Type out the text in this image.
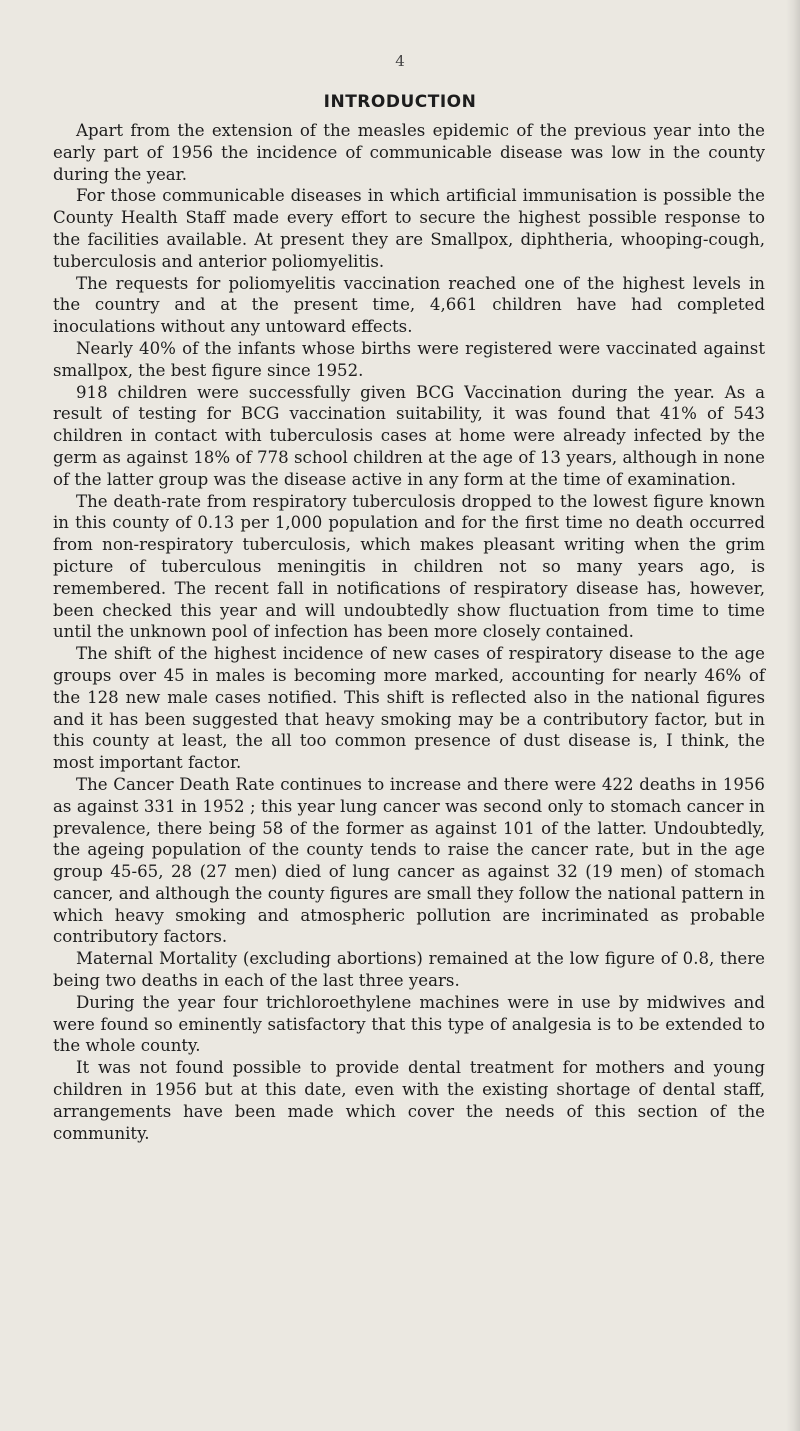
4
INTRODUCTION

Apart from the extension of the measles epidemic of the previous year into the early part of 1956 the incidence of communicable disease was low in the county during the year.

For those communicable diseases in which artificial immunisation is possible the County Health Staff made every effort to secure the highest possible response to the facilities available. At present they are Smallpox, diphtheria, whooping-cough, tuberculosis and anterior poliomyelitis.

The requests for poliomyelitis vaccination reached one of the highest levels in the country and at the present time, 4,661 children have had completed inoculations without any untoward effects.

Nearly 40% of the infants whose births were registered were vaccinated against smallpox, the best figure since 1952.

918 children were successfully given BCG Vaccination during the year. As a result of testing for BCG vaccination suitability, it was found that 41% of 543 children in contact with tuberculosis cases at home were already infected by the germ as against 18% of 778 school children at the age of 13 years, although in none of the latter group was the disease active in any form at the time of examination.

The death-rate from respiratory tuberculosis dropped to the lowest figure known in this county of 0.13 per 1,000 population and for the first time no death occurred from non-respiratory tuberculosis, which makes pleasant writing when the grim picture of tuberculous meningitis in children not so many years ago, is remembered. The recent fall in notifications of respiratory disease has, however, been checked this year and will undoubtedly show fluctuation from time to time until the unknown pool of infection has been more closely contained.

The shift of the highest incidence of new cases of respiratory disease to the age groups over 45 in males is becoming more marked, accounting for nearly 46% of the 128 new male cases notified. This shift is reflected also in the national figures and it has been suggested that heavy smoking may be a contributory factor, but in this county at least, the all too common presence of dust disease is, I think, the most important factor.

The Cancer Death Rate continues to increase and there were 422 deaths in 1956 as against 331 in 1952 ; this year lung cancer was second only to stomach cancer in prevalence, there being 58 of the former as against 101 of the latter. Undoubtedly, the ageing population of the county tends to raise the cancer rate, but in the age group 45-65, 28 (27 men) died of lung cancer as against 32 (19 men) of stomach cancer, and although the county figures are small they follow the national pattern in which heavy smoking and atmospheric pollution are incriminated as probable contributory factors.

Maternal Mortality (excluding abortions) remained at the low figure of 0.8, there being two deaths in each of the last three years.

During the year four trichloroethylene machines were in use by midwives and were found so eminently satisfactory that this type of analgesia is to be extended to the whole county.

It was not found possible to provide dental treatment for mothers and young children in 1956 but at this date, even with the existing shortage of dental staff, arrangements have been made which cover the needs of this section of the community.
